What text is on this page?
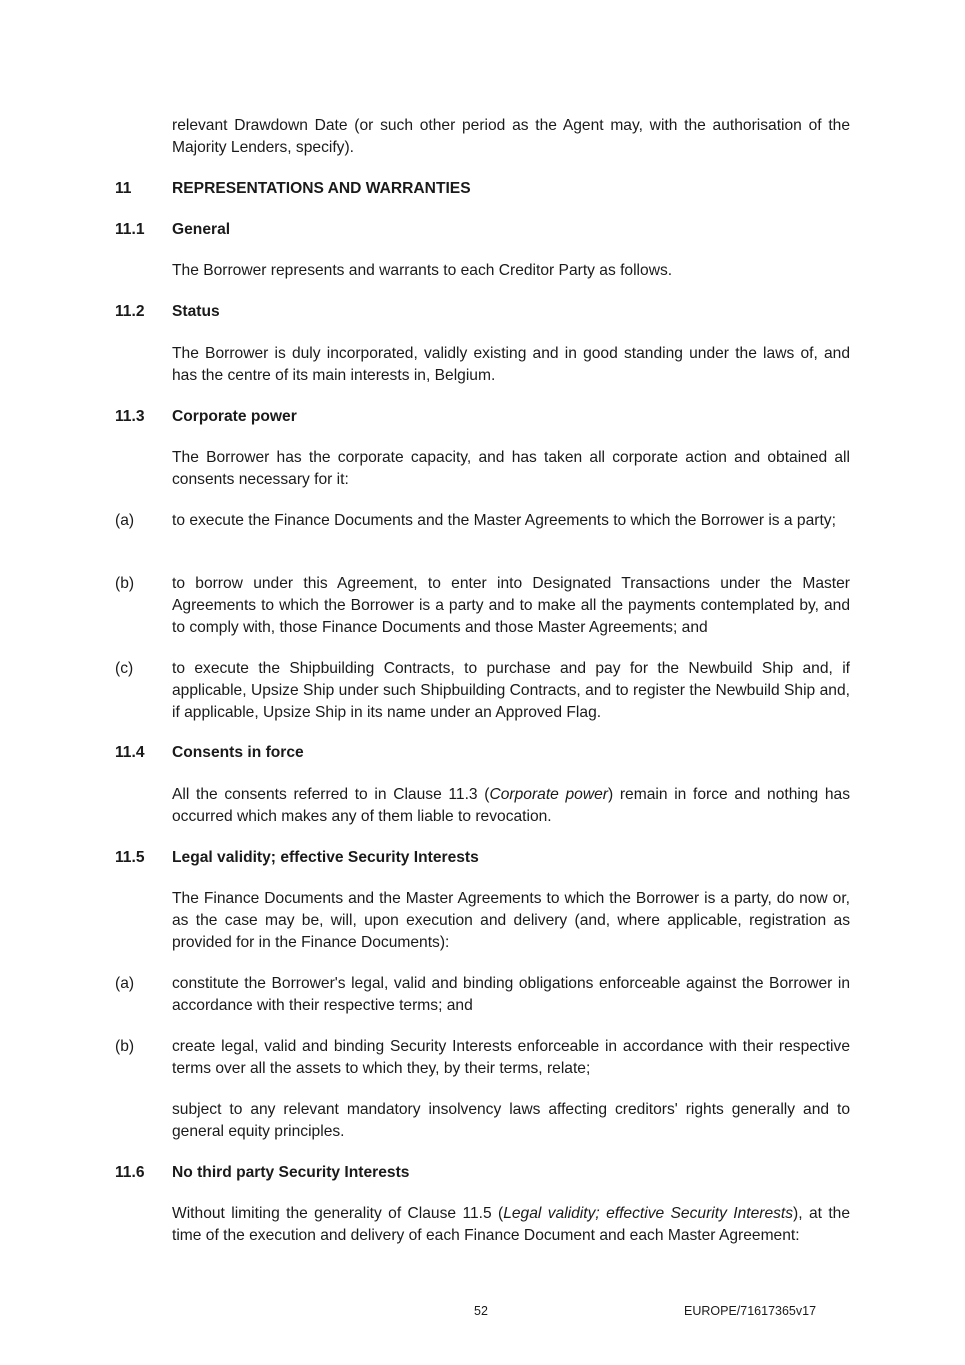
relevant Drawdown Date (or such other period as the Agent may, with the authorisation of the Majority Lenders, specify).

11	REPRESENTATIONS AND WARRANTIES
11.1 General

The Borrower represents and warrants to each Creditor Party as follows.

11.2 Status

The Borrower is duly incorporated, validly existing and in good standing under the laws of, and has the centre of its main interests in, Belgium.

11.3 Corporate power

The Borrower has the corporate capacity, and has taken all corporate action and obtained all consents necessary for it:

(a) to execute the Finance Documents and the Master Agreements to which the Borrower is a party;

(b) to borrow under this Agreement, to enter into Designated Transactions under the Master Agreements to which the Borrower is a party and to make all the payments contemplated by, and to comply with, those Finance Documents and those Master Agreements; and

(c) to execute the Shipbuilding Contracts, to purchase and pay for the Newbuild Ship and, if applicable, Upsize Ship under such Shipbuilding Contracts, and to register the Newbuild Ship and, if applicable, Upsize Ship in its name under an Approved Flag.

11.4 Consents in force

All the consents referred to in Clause 11.3 (Corporate power) remain in force and nothing has occurred which makes any of them liable to revocation.

11.5 Legal validity; effective Security Interests

The Finance Documents and the Master Agreements to which the Borrower is a party, do now or, as the case may be, will, upon execution and delivery (and, where applicable, registration as provided for in the Finance Documents):

(a) constitute the Borrower's legal, valid and binding obligations enforceable against the Borrower in accordance with their respective terms; and

(b) create legal, valid and binding Security Interests enforceable in accordance with their respective terms over all the assets to which they, by their terms, relate;

subject to any relevant mandatory insolvency laws affecting creditors' rights generally and to general equity principles.

11.6 No third party Security Interests

Without limiting the generality of Clause 11.5 (Legal validity; effective Security Interests), at the time of the execution and delivery of each Finance Document and each Master Agreement:

52	EUROPE/71617365v17
